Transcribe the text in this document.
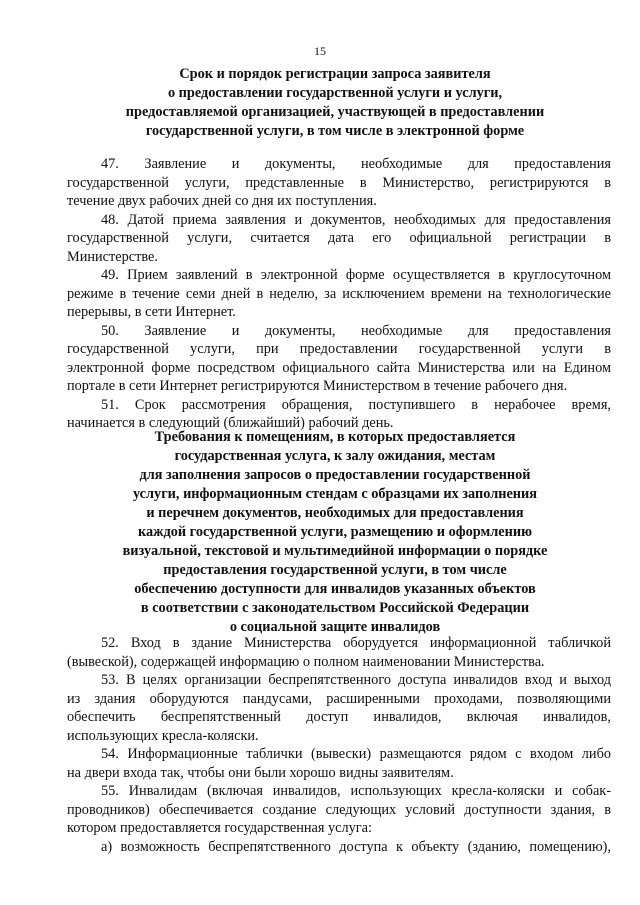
15
Срок и порядок регистрации запроса заявителя
о предоставлении государственной услуги и услуги,
предоставляемой организацией, участвующей в предоставлении
государственной услуги, в том числе в электронной форме

47. Заявление и документы, необходимые для предоставления
государственной услуги, представленные в Министерство, регистрируются в
течение двух рабочих дней со дня их поступления.

48. Датой приема заявления и документов, необходимых для предоставления
государственной услуги, считается дата его официальной регистрации в
Министерстве.

49. Прием заявлений в электронной форме осуществляется в круглосуточном
режиме в течение семи дней в неделю, за исключением времени на технологические
перерывы, в сети Интернет.

50. Заявление и документы, необходимые для предоставления
государственной услуги, при предоставлении государственной услуги в
электронной форме посредством официального сайта Министерства или на Едином
портале в сети Интернет регистрируются Министерством в течение рабочего дня.

51. Срок рассмотрения обращения, поступившего в нерабочее время,
начинается в следующий (ближайший) рабочий день.

Требования к помещениям, в которых предоставляется
государственная услуга, к залу ожидания, местам
для заполнения запросов о предоставлении государственной
услуги, информационным стендам с образцами их заполнения
и перечнем документов, необходимых для предоставления
каждой государственной услуги, размещению и оформлению
визуальной, текстовой и мультимедийной информации о порядке
предоставления государственной услуги, в том числе
обеспечению доступности для инвалидов указанных объектов
в соответствии с законодательством Российской Федерации
о социальной защите инвалидов

52. Вход в здание Министерства оборудуется информационной табличкой
(вывеской), содержащей информацию о полном наименовании Министерства.

53. В целях организации беспрепятственного доступа инвалидов вход и выход
из здания оборудуются пандусами, расширенными проходами, позволяющими
обеспечить беспрепятственный доступ инвалидов, включая инвалидов,
использующих кресла-коляски.

54. Информационные таблички (вывески) размещаются рядом с входом либо
на двери входа так, чтобы они были хорошо видны заявителям.

55. Инвалидам (включая инвалидов, использующих кресла-коляски и собак-
проводников) обеспечивается создание следующих условий доступности здания, в
котором предоставляется государственная услуга:

а) возможность беспрепятственного доступа к объекту (зданию, помещению),
